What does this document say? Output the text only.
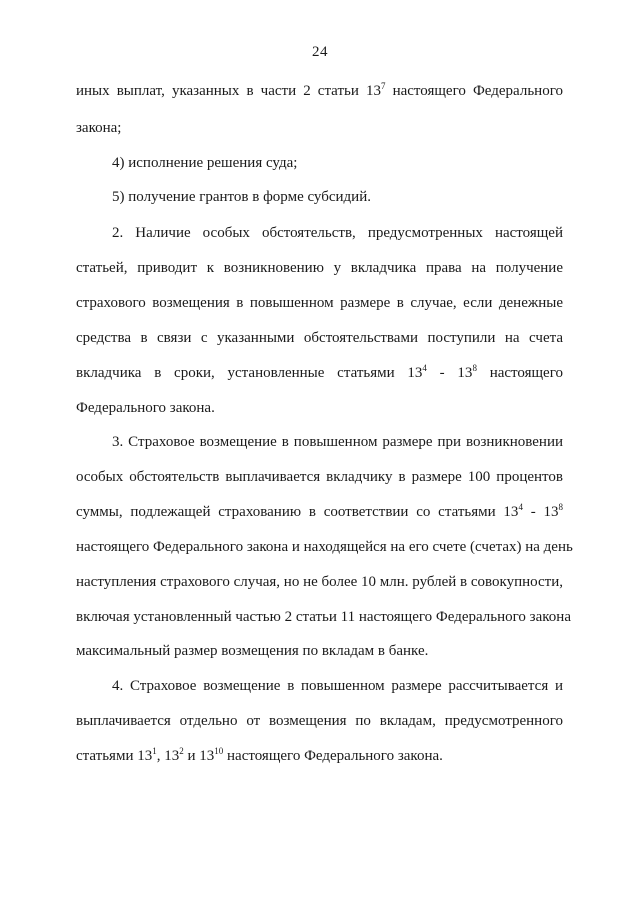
24
иных выплат, указанных в части 2 статьи $13^7$ настоящего Федерального
закона;
4) исполнение решения суда;
5) получение грантов в форме субсидий.
2. Наличие особых обстоятельств, предусмотренных настоящей
статьей, приводит к возникновению у вкладчика права на получение
страхового возмещения в повышенном размере в случае, если денежные
средства в связи с указанными обстоятельствами поступили на счета
вкладчика в сроки, установленные статьями $13^4 - 13^8$ настоящего
Федерального закона.
3. Страховое возмещение в повышенном размере при возникновении
особых обстоятельств выплачивается вкладчику в размере 100 процентов
суммы, подлежащей страхованию в соответствии со статьями $13^4 - 13^8$
настоящего Федерального закона и находящейся на его счете (счетах) на день
наступления страхового случая, но не более 10 млн. рублей в совокупности,
включая установленный частью 2 статьи 11 настоящего Федерального закона
максимальный размер возмещения по вкладам в банке.
4. Страховое возмещение в повышенном размере рассчитывается и
выплачивается отдельно от возмещения по вкладам, предусмотренного
статьями $13^1$, $13^2$ и $13^{10}$ настоящего Федерального закона.
